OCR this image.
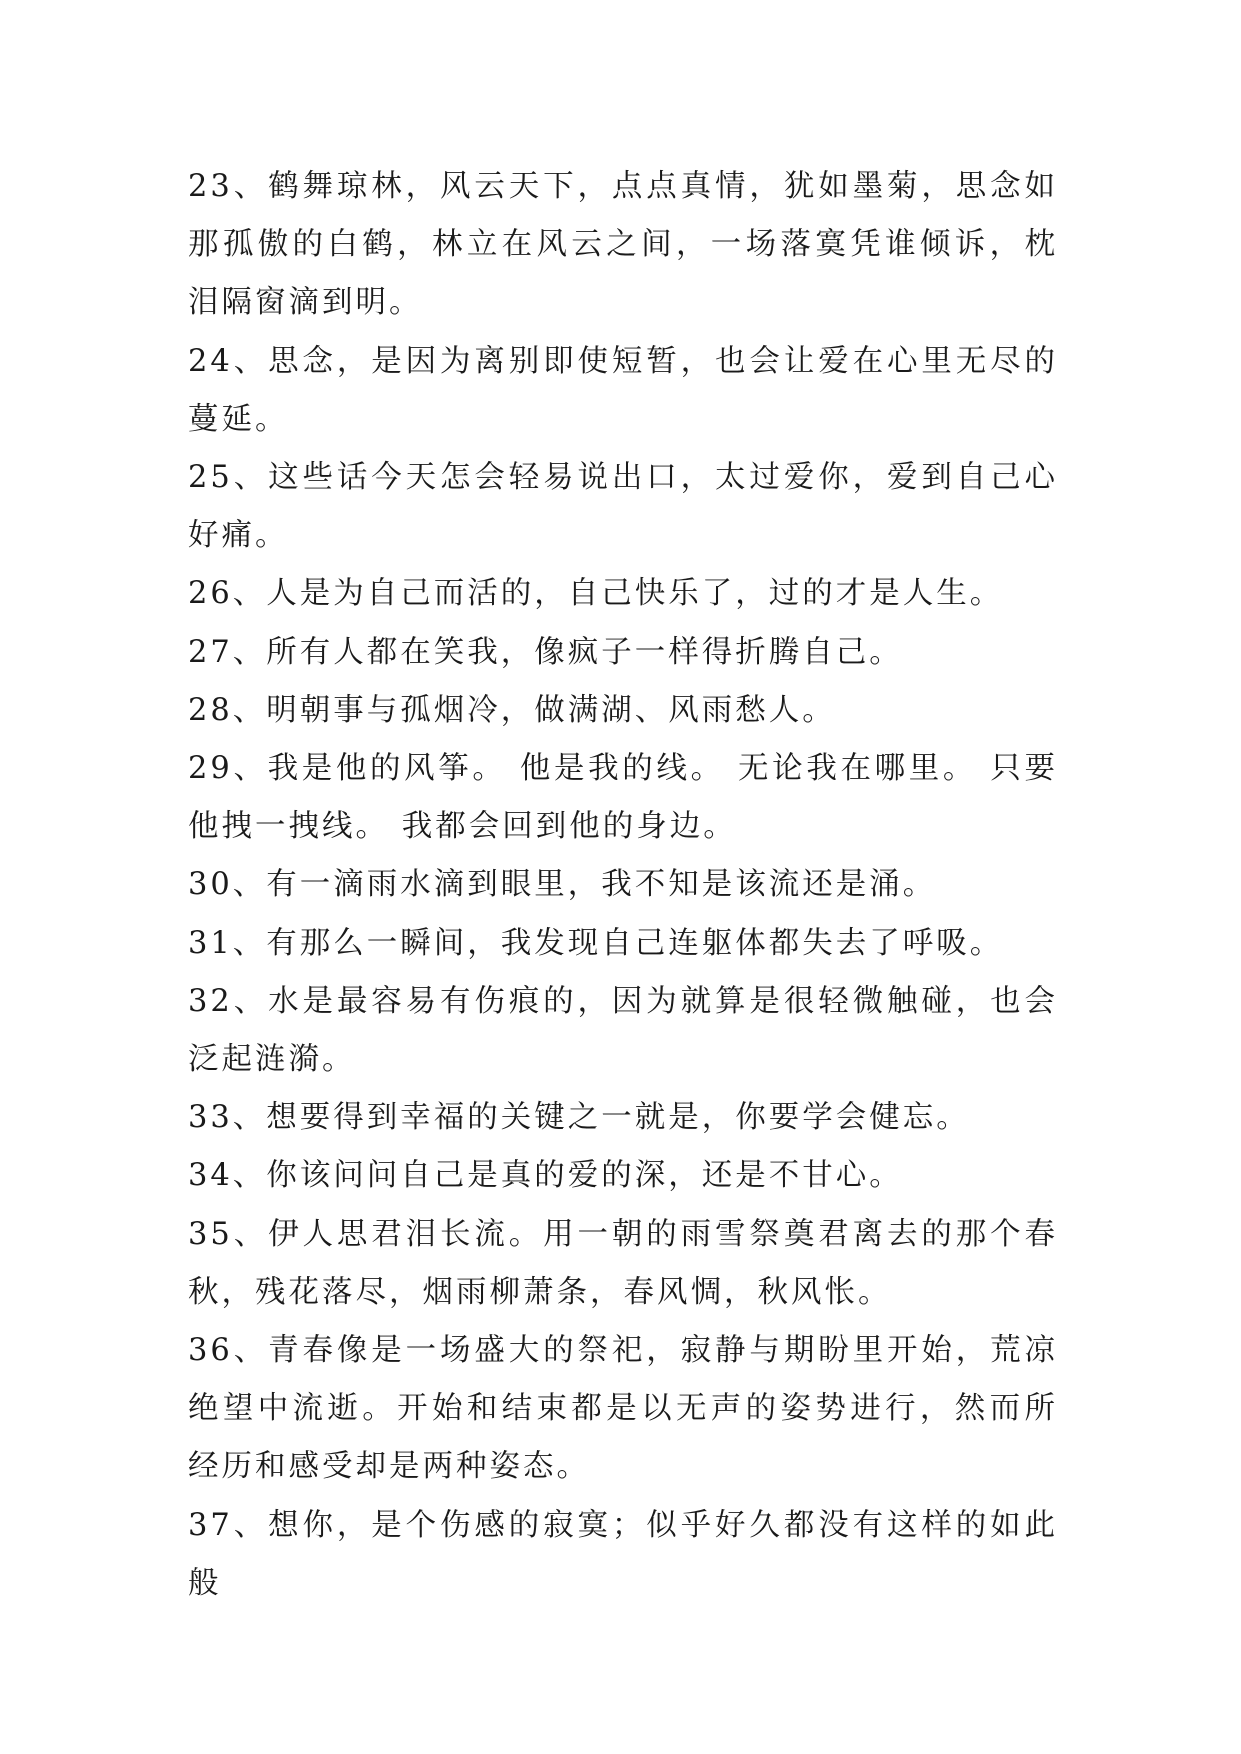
23、鹤舞琼林，风云天下，点点真情，犹如墨菊，思念如那孤傲的白鹤，林立在风云之间，一场落寞凭谁倾诉，枕泪隔窗滴到明。

24、思念，是因为离别即使短暂，也会让爱在心里无尽的蔓延。

25、这些话今天怎会轻易说出口，太过爱你，爱到自己心好痛。

26、人是为自己而活的，自己快乐了，过的才是人生。

27、所有人都在笑我，像疯子一样得折腾自己。

28、明朝事与孤烟冷，做满湖、风雨愁人。

29、我是他的风筝。 他是我的线。 无论我在哪里。 只要他拽一拽线。 我都会回到他的身边。

30、有一滴雨水滴到眼里，我不知是该流还是涌。

31、有那么一瞬间，我发现自己连躯体都失去了呼吸。

32、水是最容易有伤痕的，因为就算是很轻微触碰，也会泛起涟漪。

33、想要得到幸福的关键之一就是，你要学会健忘。

34、你该问问自己是真的爱的深，还是不甘心。

35、伊人思君泪长流。用一朝的雨雪祭奠君离去的那个春秋，残花落尽，烟雨柳萧条，春风惆，秋风怅。

36、青春像是一场盛大的祭祀，寂静与期盼里开始，荒凉绝望中流逝。开始和结束都是以无声的姿势进行，然而所经历和感受却是两种姿态。

37、想你，是个伤感的寂寞；似乎好久都没有这样的如此般
